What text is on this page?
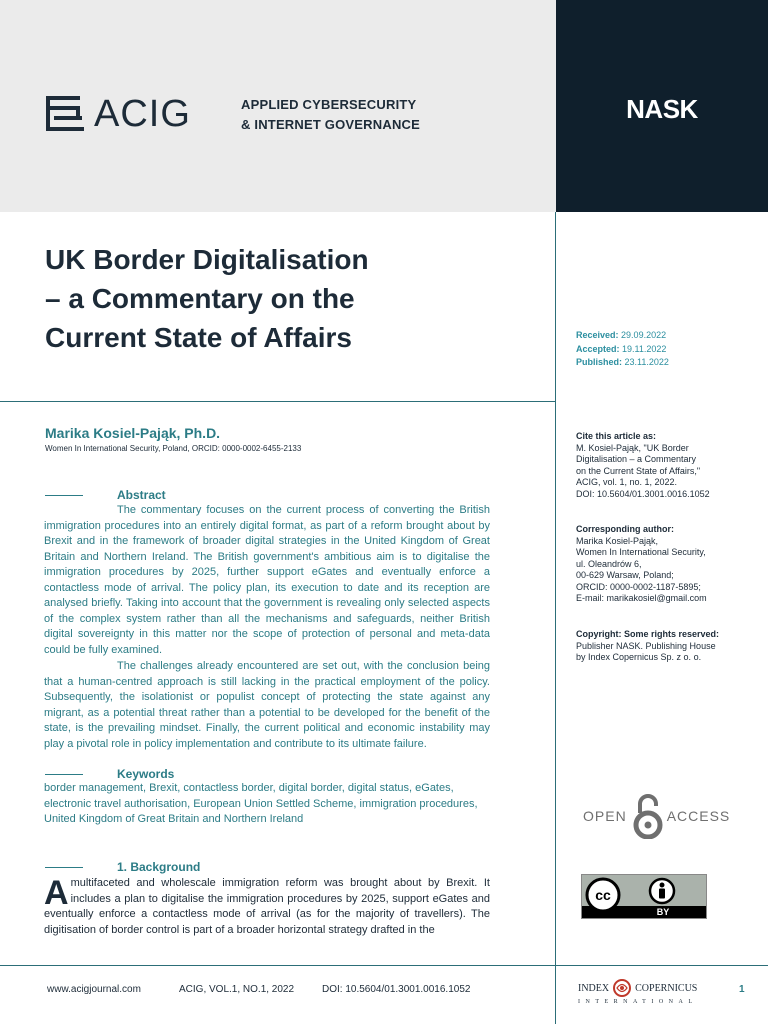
NASK
ACIG	APPLIED CYBERSECURITY
& INTERNET GOVERNANCE
UK Border Digitalisation
– a Commentary on the
Current State of Affairs	Received: 29.09.2022
Accepted: 19.11.2022
Published: 23.11.2022
Marika Kosiel-Pająk, Ph.D.
Women In International Security, Poland, ORCID: 0000-0002-6455-2133
Abstract
The commentary focuses on the current process of converting the British immigration procedures into an entirely digital format, as part of a reform brought about by Brexit and in the framework of broader digital strategies in the United Kingdom of Great Britain and Northern Ireland. The British government's ambitious aim is to digitalise the immigration procedures by 2025, further support eGates and eventually enforce a contactless mode of arrival. The policy plan, its execution to date and its reception are analysed briefly. Taking into account that the government is revealing only selected aspects of the complex system rather than all the mechanisms and safeguards, neither British digital sovereignty in this matter nor the scope of protection of personal and meta-data could be fully examined.
The challenges already encountered are set out, with the conclusion being that a human-centred approach is still lacking in the practical employment of the policy. Subsequently, the isolationist or populist concept of protecting the state against any migrant, as a potential threat rather than a potential to be developed for the benefit of the state, is the prevailing mindset. Finally, the current political and economic instability may play a pivotal role in policy implementation and contribute to its ultimate failure.
Keywords
border management, Brexit, contactless border, digital border, digital status, eGates, electronic travel authorisation, European Union Settled Scheme, immigration procedures, United Kingdom of Great Britain and Northern Ireland
1. Background
Amultifaceted and wholescale immigration reform was brought about by Brexit. It includes a plan to digitalise the immigration procedures by 2025, support eGates and eventually enforce a contactless mode of arrival (as for the majority of travellers). The digitisation of border control is part of a broader horizontal strategy drafted in the
Cite this article as:
M. Kosiel-Pająk, "UK Border
Digitalisation – a Commentary
on the Current State of Affairs,"
ACIG, vol. 1, no. 1, 2022.
DOI: 10.5604/01.3001.0016.1052
Corresponding author:
Marika Kosiel-Pająk,
Women In International Security,
ul. Oleandrów 6,
00-629 Warsaw, Poland;
ORCID: 0000-0002-1187-5895;
E-mail: marikakosiel@gmail.com
Copyright: Some rights reserved:
Publisher NASK. Publishing House
by Index Copernicus Sp. z o. o.
OPEN	ACCESS
cc
BY
www.acigjournal.com	ACIG, VOL.1, NO.1, 2022	DOI: 10.5604/01.3001.0016.1052	INDEX	COPERNICUS
INTERNATIONAL
1
